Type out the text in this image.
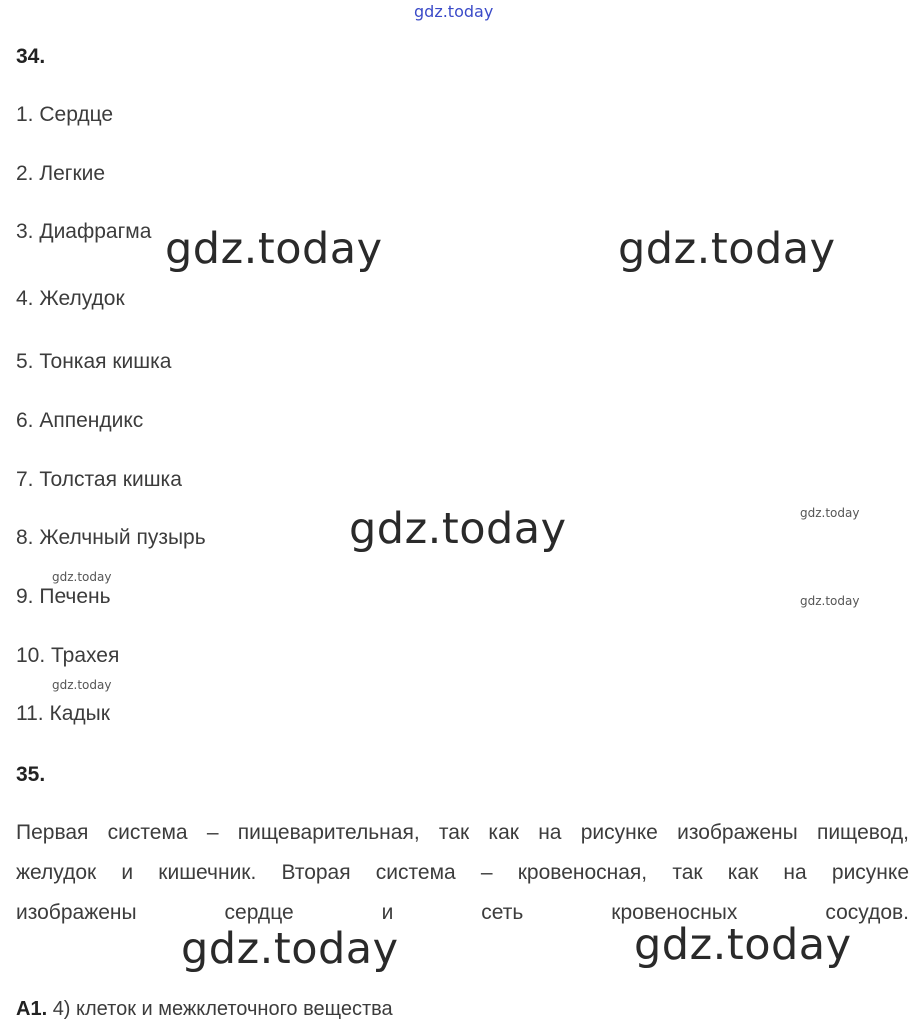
gdz.today
34.
1. Сердце
2. Легкие
3. Диафрагма
4. Желудок
5. Тонкая кишка
6. Аппендикс
7. Толстая кишка
8. Желчный пузырь
9. Печень
10. Трахея
11. Кадык
gdz.today	gdz.today
gdz.today
gdz.today	gdz.today
gdz.today
gdz.today
gdz.today
gdz.today
35.
Первая система – пищеварительная, так как на рисунке изображены пищевод,
желудок и кишечник. Вторая система – кровеносная, так как на рисунке
изображены сердце и сеть кровеносных сосудов.
А1. 4) клеток и межклеточного вещества
